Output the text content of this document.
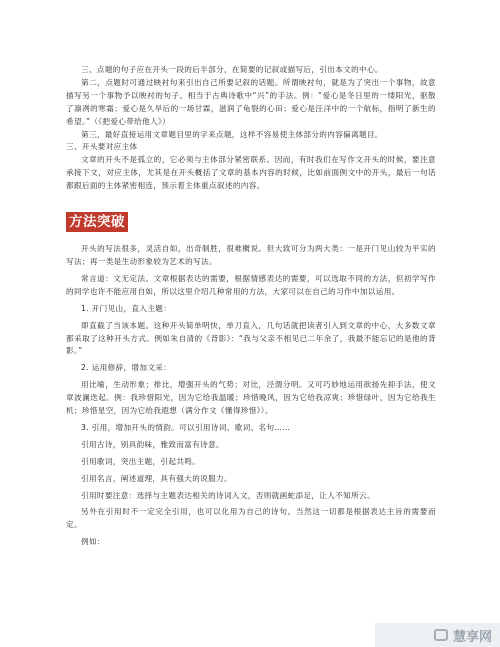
三、点题的句子应在开头一段的后半部分，在简要的记叙或描写后，引出本文的中心。

第二，点题时可通过映衬句来引出自己所要记叙的话题。所谓映衬句，就是为了突出一个事物，故意描写另一个事物予以映衬的句子。相当于古典诗歌中“兴”的手法。例：“爱心是冬日里的一缕阳光，驱散了凛冽的寒霜；爱心是久旱后的一场甘霖，滋润了龟裂的心田；爱心是汪洋中的一个航标，指明了新生的希望。”（《把爱心带给他人》）

第三，最好直接运用文章题目里的字来点题，这样不容易使主体部分的内容偏离题目。

三、开头要对应主体

文章的开头不是孤立的，它必须与主体部分紧密联系。因而，有时我们在写作文开头的时候，要注意承接下文，对应主体，尤其是在开头概括了文章的基本内容的时候，比如前面例文中的开头，最后一句话都跟后面的主体紧密相连，预示着主体重点叙述的内容。

方法突破

开头的写法很多，灵活自如，出奇制胜，很难概说。但大致可分为两大类：一是开门见山较为平实的写法；再一类是生动形象较为艺术的写法。

常言道：文无定法。文章根据表达的需要，根据情感表达的需要，可以选取不同的方法，但初学写作的同学也许不能应用自如，所以这里介绍几种常用的方法，大家可以在自己的习作中加以运用。

1. 开门见山，直入主题：

即直截了当该本题。这种开头简单明快，单刀直入，几句话就把读者引入到文章的中心，大多数文章都采取了这种开头方式。例如朱自清的《背影》：“我与父亲不相见已二年余了，我最不能忘记的是他的背影。”

2. 运用修辞，增加文采：

用比喻，生动形象；排比，增强开头的气势；对比，泾渭分明。又可巧妙地运用欲扬先抑手法，使文章波澜迭起。例：我珍惜阳光，因为它给我温暖；珍惜晚风，因为它给我凉爽；珍惜绿叶，因为它给我生机；珍惜星空，因为它给我遐想（满分作文《懂得珍惜》）。

3. 引用，增加开头的情韵。可以引用诗词、歌词、名句……

引用古诗，别具韵味，雅致而富有诗意。

引用歌词，突出主题，引起共鸣。

引用名言，阐述道理，具有强大的说服力。

引用时要注意：选择与主题表达相关的诗词入文，否则就画蛇添足，让人不知所云。

另外在引用时不一定完全引用，也可以化用为自己的诗句。当然这一切都是根据表达主旨的需要而定。

例如：

慧享网
